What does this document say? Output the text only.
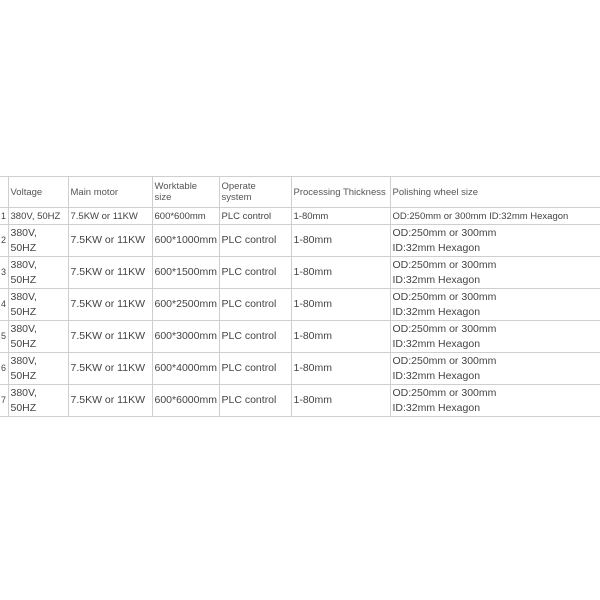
	Voltage	Main motor	Worktable size	Operate system	Processing Thickness	Polishing wheel size
1	380V, 50HZ	7.5KW or 11KW	600*600mm	PLC control	1-80mm	OD:250mm or 300mm ID:32mm Hexagon

2	380V, 50HZ	7.5KW or 11KW	600*1000mm	PLC control	1-80mm	OD:250mm or 300mm
ID:32mm Hexagon

3	380V, 50HZ	7.5KW or 11KW	600*1500mm	PLC control	1-80mm	OD:250mm or 300mm
ID:32mm Hexagon

4	380V, 50HZ	7.5KW or 11KW	600*2500mm	PLC control	1-80mm	OD:250mm or 300mm
ID:32mm Hexagon

5	380V, 50HZ	7.5KW or 11KW	600*3000mm	PLC control	1-80mm	OD:250mm or 300mm
ID:32mm Hexagon

6	380V, 50HZ	7.5KW or 11KW	600*4000mm	PLC control	1-80mm	OD:250mm or 300mm
ID:32mm Hexagon

7	380V, 50HZ	7.5KW or 11KW	600*6000mm	PLC control	1-80mm	OD:250mm or 300mm
ID:32mm Hexagon
